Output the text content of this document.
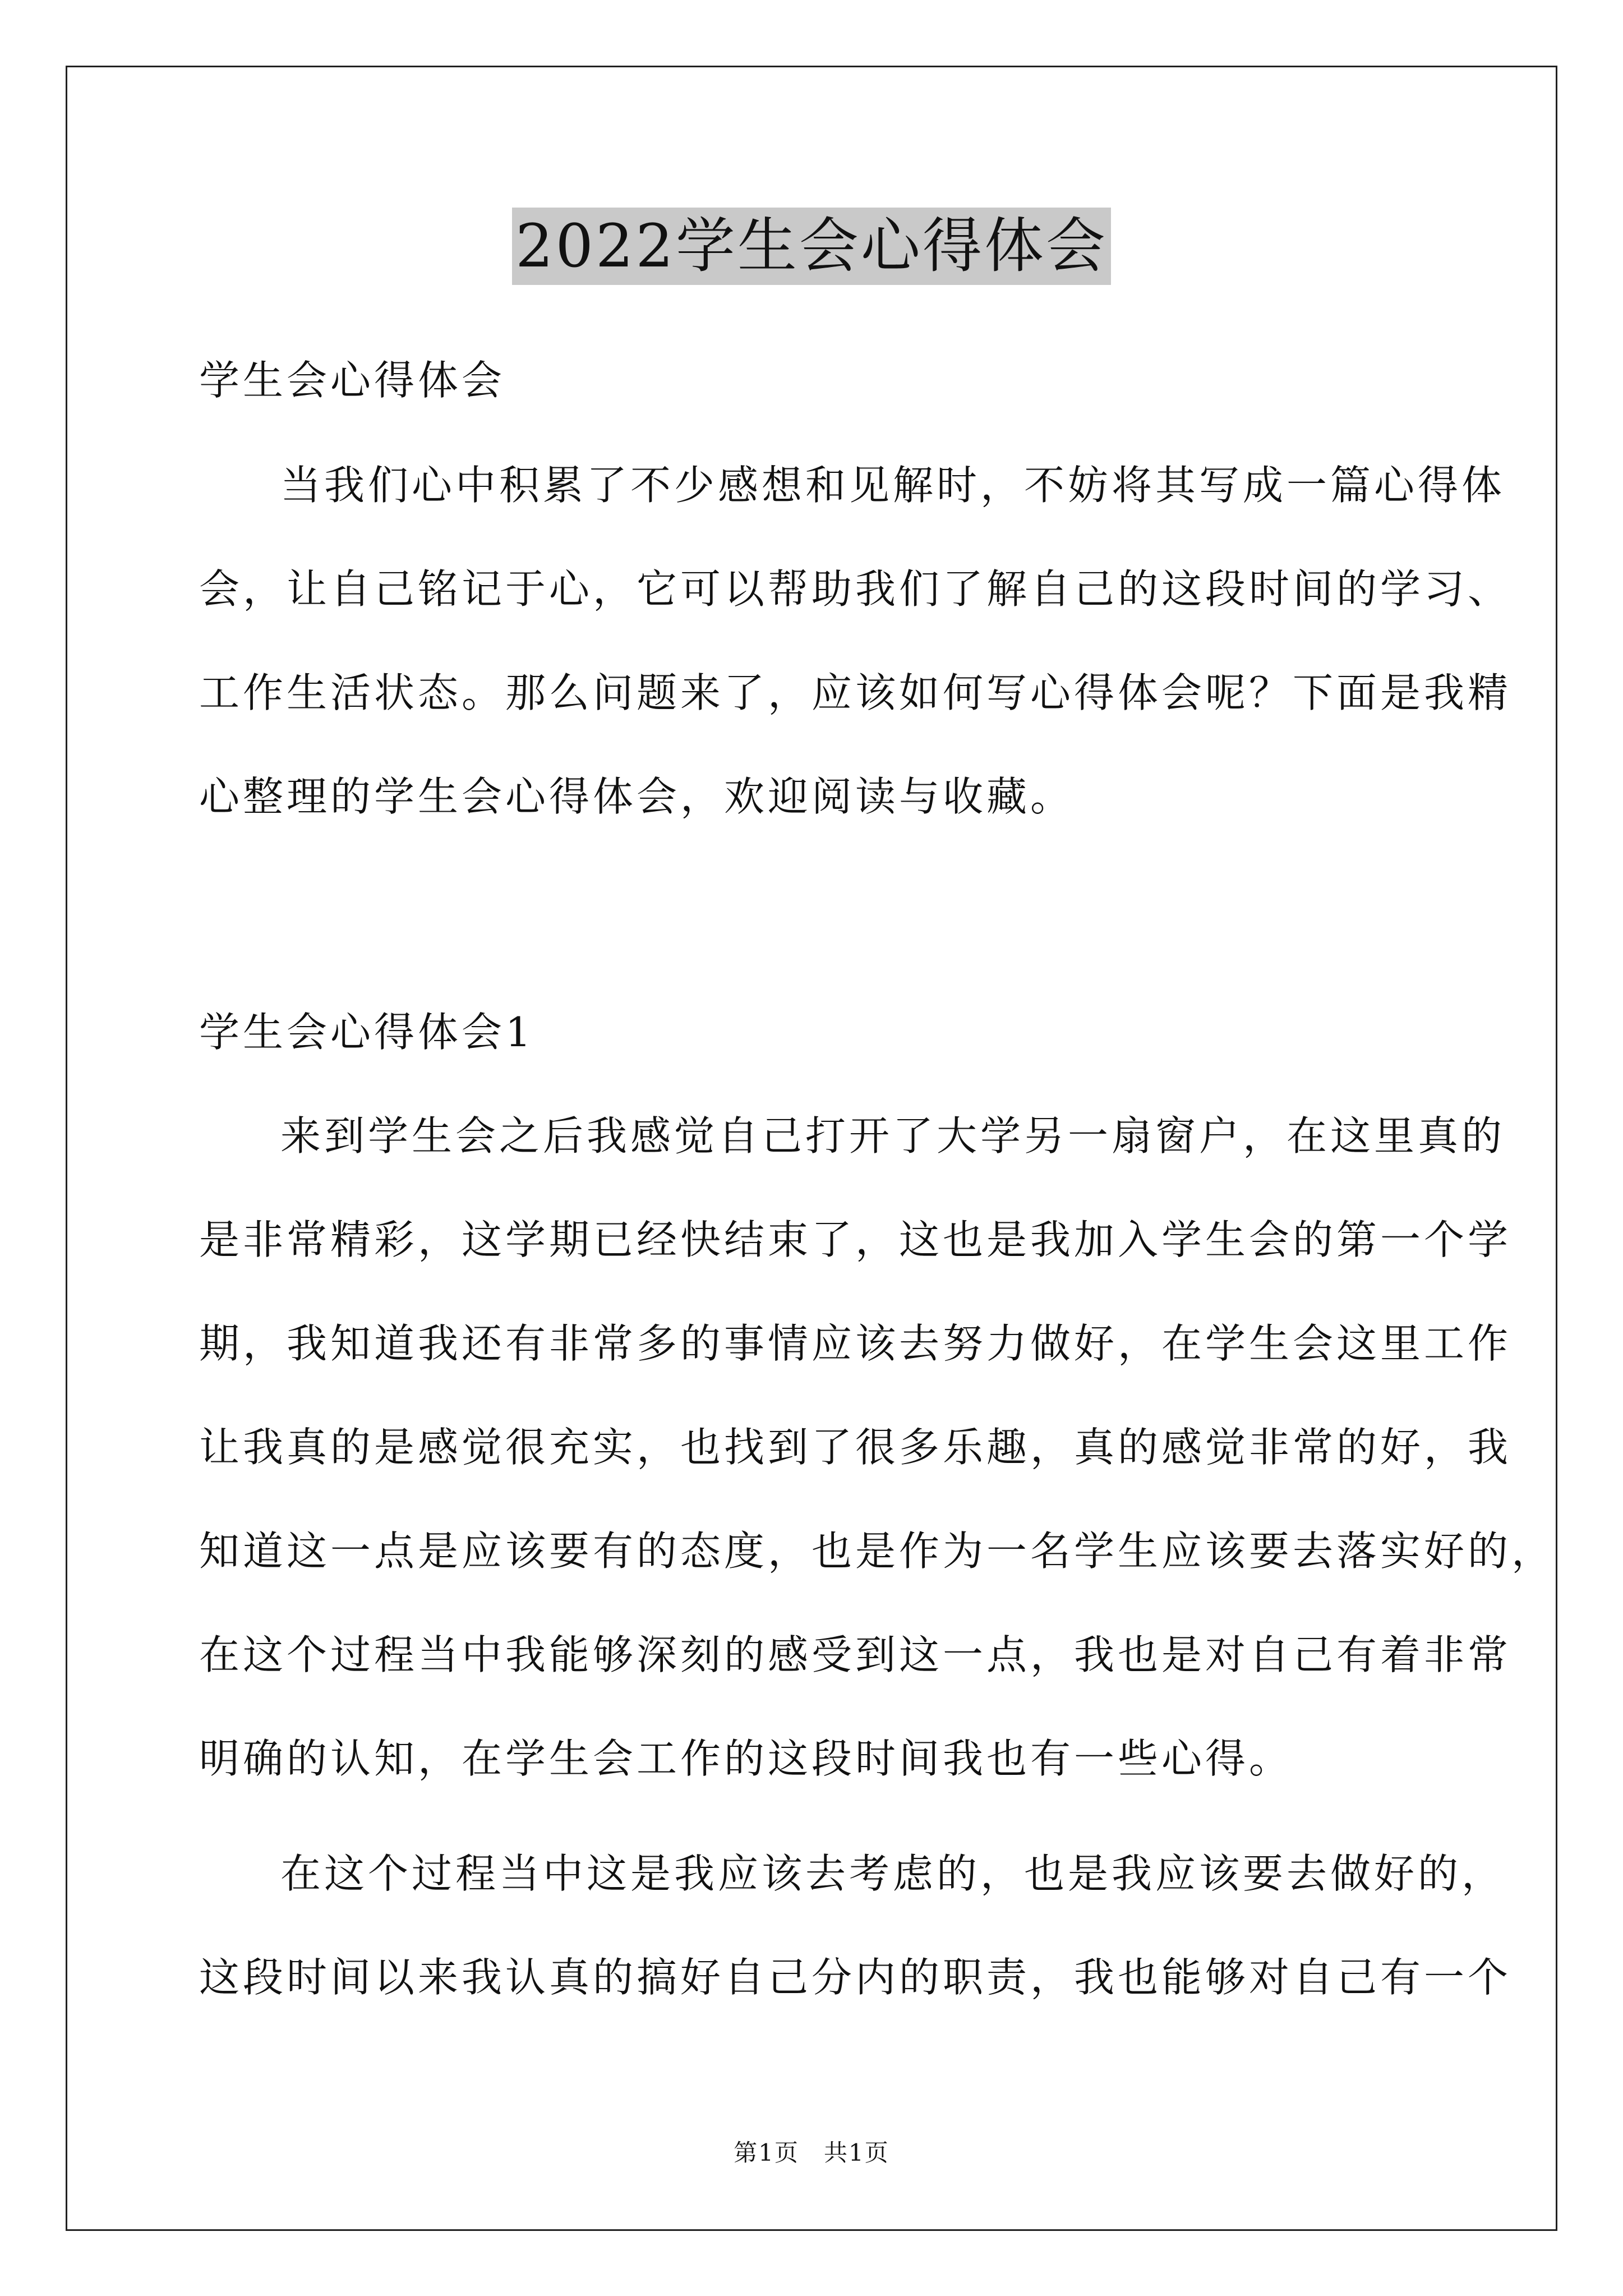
2022学生会心得体会
学生会心得体会
当我们心中积累了不少感想和见解时，不妨将其写成一篇心得体
会，让自己铭记于心，它可以帮助我们了解自己的这段时间的学习、
工作生活状态。那么问题来了，应该如何写心得体会呢？下面是我精
心整理的学生会心得体会，欢迎阅读与收藏。
学生会心得体会1
来到学生会之后我感觉自己打开了大学另一扇窗户，在这里真的
是非常精彩，这学期已经快结束了，这也是我加入学生会的第一个学
期，我知道我还有非常多的事情应该去努力做好，在学生会这里工作
让我真的是感觉很充实，也找到了很多乐趣，真的感觉非常的好，我
知道这一点是应该要有的态度，也是作为一名学生应该要去落实好的，
在这个过程当中我能够深刻的感受到这一点，我也是对自己有着非常
明确的认知，在学生会工作的这段时间我也有一些心得。
在这个过程当中这是我应该去考虑的，也是我应该要去做好的，
这段时间以来我认真的搞好自己分内的职责，我也能够对自己有一个
第1页　共1页
